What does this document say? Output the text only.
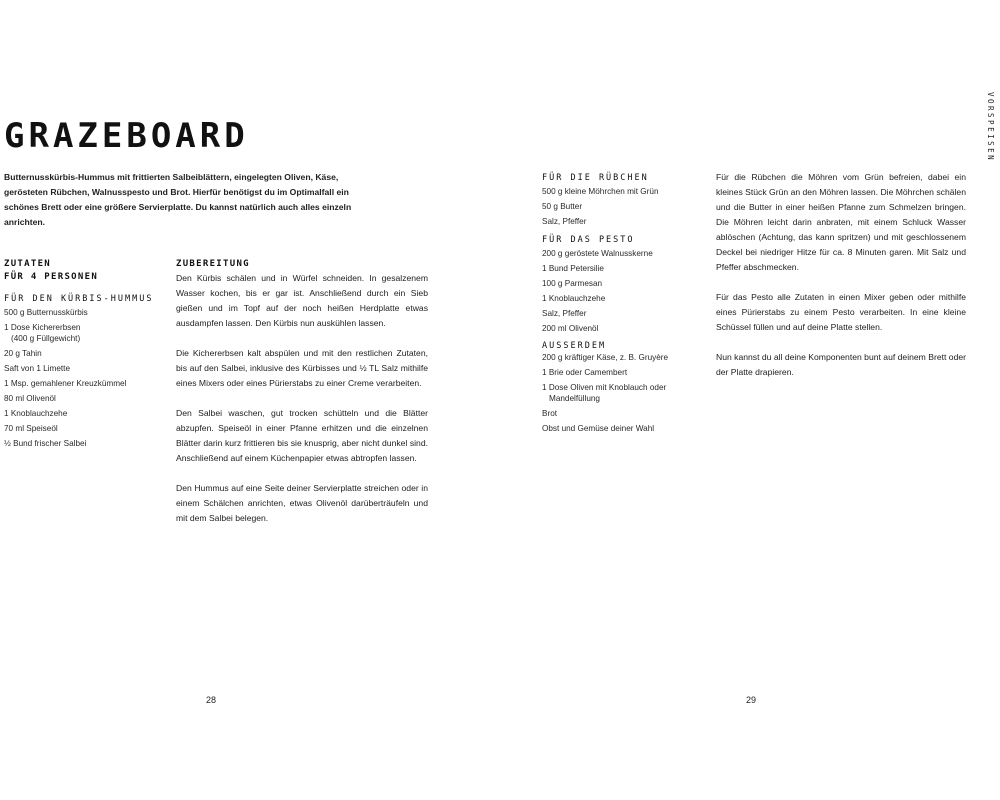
GRAZEBOARD

Butternusskürbis-Hummus mit frittierten Salbeiblättern, eingelegten Oliven, Käse, gerösteten Rübchen, Walnusspesto und Brot. Hierfür benötigst du im Optimalfall ein schönes Brett oder eine größere Servierplatte. Du kannst natürlich auch alles einzeln anrichten.

ZUTATEN
FÜR 4 PERSONEN
FÜR DEN KÜRBIS-HUMMUS
500 g Butternusskürbis
1 Dose Kichererbsen
(400 g Füllgewicht)
20 g Tahin
Saft von 1 Limette
1 Msp. gemahlener Kreuzkümmel
80 ml Olivenöl
1 Knoblauchzehe
70 ml Speiseöl
½ Bund frischer Salbei
ZUBEREITUNG

Den Kürbis schälen und in Würfel schneiden. In gesalzenem Wasser kochen, bis er gar ist. Anschließend durch ein Sieb gießen und im Topf auf der noch heißen Herdplatte etwas ausdampfen lassen. Den Kürbis nun auskühlen lassen.

Die Kichererbsen kalt abspülen und mit den restlichen Zutaten, bis auf den Salbei, inklusive des Kürbisses und ½ TL Salz mithilfe eines Mixers oder eines Pürierstabs zu einer Creme verarbeiten.

Den Salbei waschen, gut trocken schütteln und die Blätter abzupfen. Speiseöl in einer Pfanne erhitzen und die einzelnen Blätter darin kurz frittieren bis sie knusprig, aber nicht dunkel sind. Anschließend auf einem Küchenpapier etwas abtropfen lassen.

Den Hummus auf eine Seite deiner Servierplatte streichen oder in einem Schälchen anrichten, etwas Olivenöl darüberträufeln und mit dem Salbei belegen.

28
FÜR DIE RÜBCHEN
500 g kleine Möhrchen mit Grün
50 g Butter
Salz, Pfeffer
FÜR DAS PESTO
200 g geröstete Walnusskerne
1 Bund Petersilie
100 g Parmesan
1 Knoblauchzehe
Salz, Pfeffer
200 ml Olivenöl
AUSSERDEM
200 g kräftiger Käse, z. B. Gruyère
1 Brie oder Camembert
1 Dose Oliven mit Knoblauch oder
Mandelfüllung
Brot
Obst und Gemüse deiner Wahl

Für die Rübchen die Möhren vom Grün befreien, dabei ein kleines Stück Grün an den Möhren lassen. Die Möhrchen schälen und die Butter in einer heißen Pfanne zum Schmelzen bringen. Die Möhren leicht darin anbraten, mit einem Schluck Wasser ablöschen (Achtung, das kann spritzen) und mit geschlossenem Deckel bei niedriger Hitze für ca. 8 Minuten garen. Mit Salz und Pfeffer abschmecken.

Für das Pesto alle Zutaten in einen Mixer geben oder mithilfe eines Pürierstabs zu einem Pesto verarbeiten. In eine kleine Schüssel füllen und auf deine Platte stellen.

Nun kannst du all deine Komponenten bunt auf deinem Brett oder der Platte drapieren.

29
VORSPEISEN
